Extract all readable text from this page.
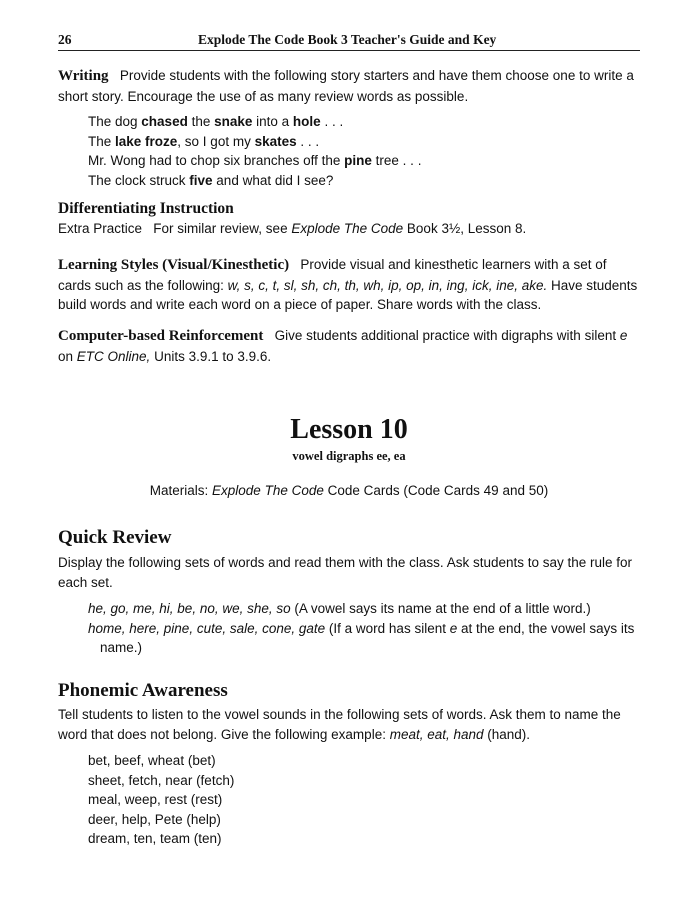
26	Explode The Code Book 3 Teacher's Guide and Key
Writing Provide students with the following story starters and have them choose one to write a short story. Encourage the use of as many review words as possible.
The dog chased the snake into a hole . . .
The lake froze, so I got my skates . . .
Mr. Wong had to chop six branches off the pine tree . . .
The clock struck five and what did I see?
Differentiating Instruction
Extra Practice For similar review, see Explode The Code Book 3½, Lesson 8.
Learning Styles (Visual/Kinesthetic) Provide visual and kinesthetic learners with a set of cards such as the following: w, s, c, t, sl, sh, ch, th, wh, ip, op, in, ing, ick, ine, ake. Have students build words and write each word on a piece of paper. Share words with the class.
Computer-based Reinforcement Give students additional practice with digraphs with silent e on ETC Online, Units 3.9.1 to 3.9.6.
Lesson 10
vowel digraphs ee, ea
Materials: Explode The Code Code Cards (Code Cards 49 and 50)
Quick Review
Display the following sets of words and read them with the class. Ask students to say the rule for each set.
he, go, me, hi, be, no, we, she, so (A vowel says its name at the end of a little word.)
home, here, pine, cute, sale, cone, gate (If a word has silent e at the end, the vowel says its name.)
Phonemic Awareness
Tell students to listen to the vowel sounds in the following sets of words. Ask them to name the word that does not belong. Give the following example: meat, eat, hand (hand).
bet, beef, wheat (bet)
sheet, fetch, near (fetch)
meal, weep, rest (rest)
deer, help, Pete (help)
dream, ten, team (ten)
